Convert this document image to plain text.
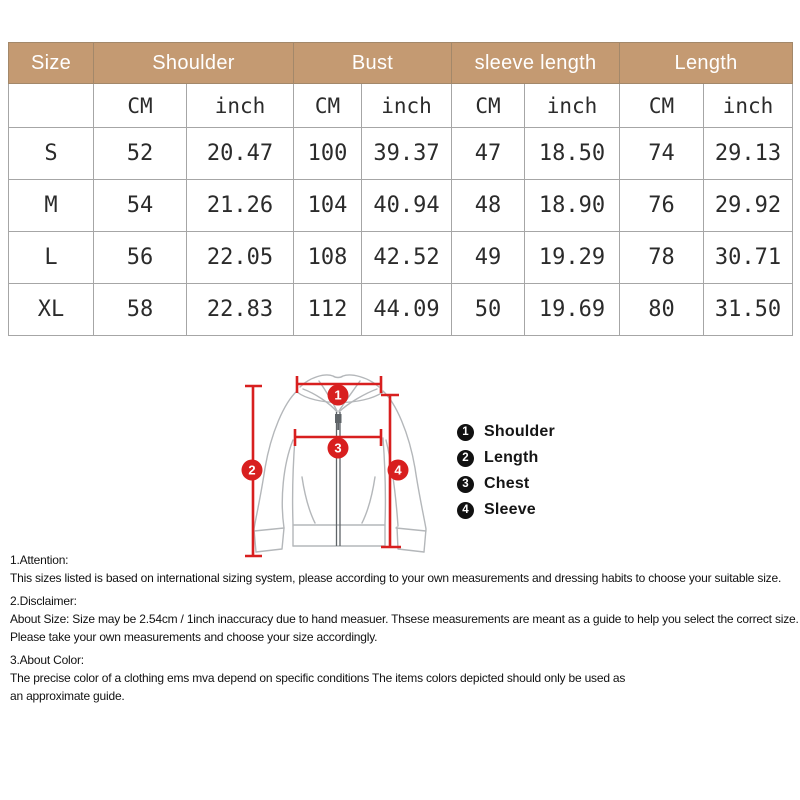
Size	Shoulder		Bust		sleeve length		Length	
	CM	inch	CM	inch	CM	inch	CM	inch
S	52	20.47	100	39.37	47	18.50	74	29.13
M	54	21.26	104	40.94	48	18.90	76	29.92
L	56	22.05	108	42.52	49	19.29	78	30.71
XL	58	22.83	112	44.09	50	19.69	80	31.50
1
2
3
4
1 Shoulder
2 Length
3 Chest
4 Sleeve
1.Attention:
This sizes listed is based on international sizing system, please according to your own measurements and dressing habits to choose your suitable size.
2.Disclaimer:
About Size: Size may be 2.54cm / 1inch inaccuracy due to hand measuer. Thsese measurements are meant as a guide to help you select the correct size.
Please take your own measurements and choose your size accordingly.
3.About Color:
The precise color of a clothing ems mva depend on specific conditions The items colors depicted should only be used as
an approximate guide.
